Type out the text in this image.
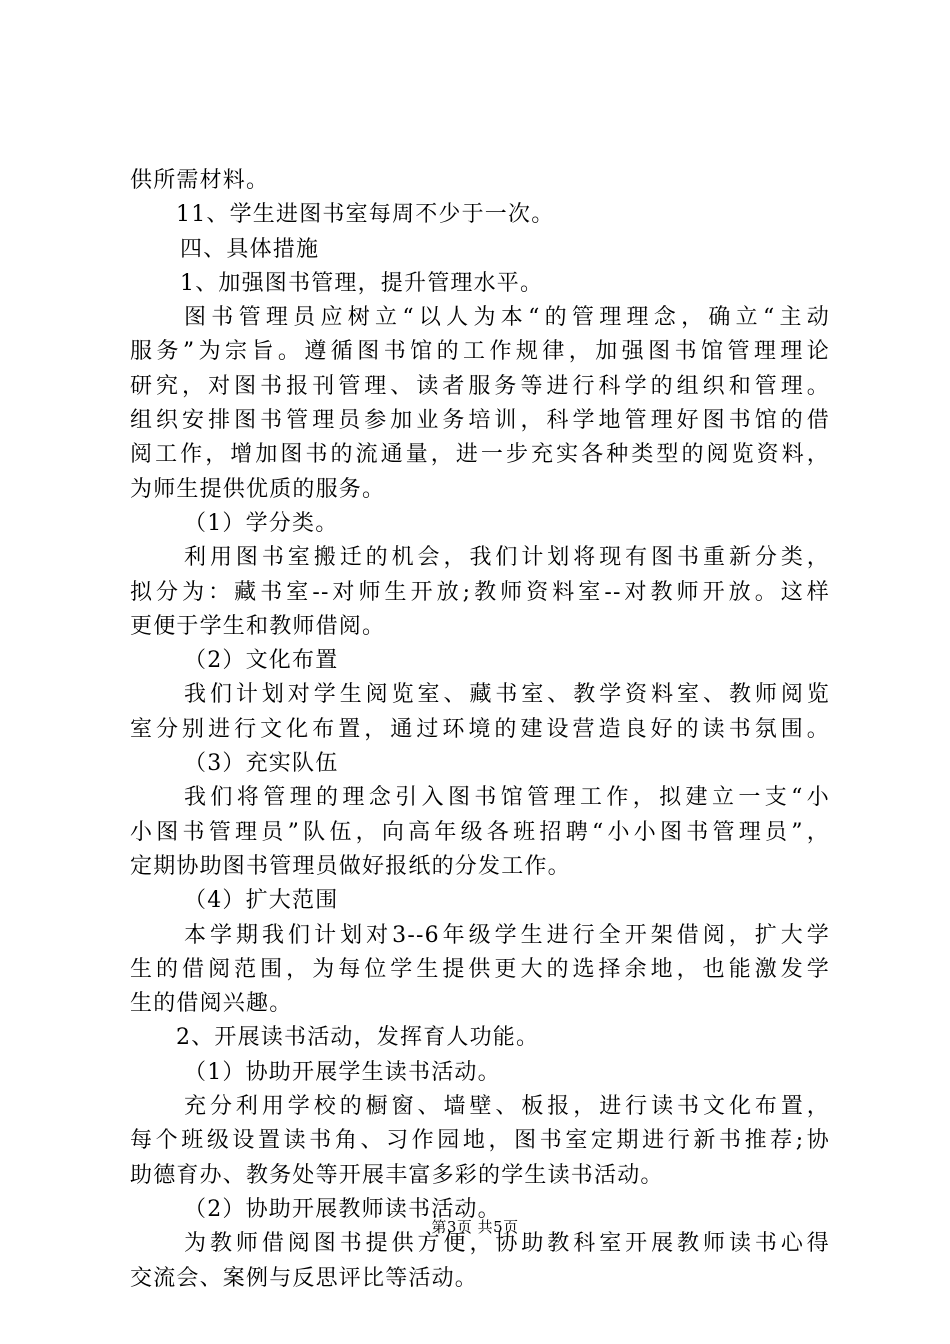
供所需材料。
11、学生进图书室每周不少于一次。
四、具体措施
1、加强图书管理，提升管理水平。
图书管理员应树立“以人为本“的管理理念，确立“主动
服务”为宗旨。遵循图书馆的工作规律，加强图书馆管理理论
研究，对图书报刊管理、读者服务等进行科学的组织和管理。
组织安排图书管理员参加业务培训，科学地管理好图书馆的借
阅工作，增加图书的流通量，进一步充实各种类型的阅览资料，
为师生提供优质的服务。
（1）学分类。
利用图书室搬迁的机会，我们计划将现有图书重新分类，
拟分为：藏书室--对师生开放;教师资料室--对教师开放。这样
更便于学生和教师借阅。
（2）文化布置
我们计划对学生阅览室、藏书室、教学资料室、教师阅览
室分别进行文化布置，通过环境的建设营造良好的读书氛围。
（3）充实队伍
我们将管理的理念引入图书馆管理工作，拟建立一支“小
小图书管理员”队伍，向高年级各班招聘“小小图书管理员”，
定期协助图书管理员做好报纸的分发工作。
（4）扩大范围
本学期我们计划对3--6年级学生进行全开架借阅，扩大学
生的借阅范围，为每位学生提供更大的选择余地，也能激发学
生的借阅兴趣。
2、开展读书活动，发挥育人功能。
（1）协助开展学生读书活动。
充分利用学校的橱窗、墙壁、板报，进行读书文化布置，
每个班级设置读书角、习作园地，图书室定期进行新书推荐;协
助德育办、教务处等开展丰富多彩的学生读书活动。
（2）协助开展教师读书活动。
为教师借阅图书提供方便，协助教科室开展教师读书心得
交流会、案例与反思评比等活动。
第3页 共5页
